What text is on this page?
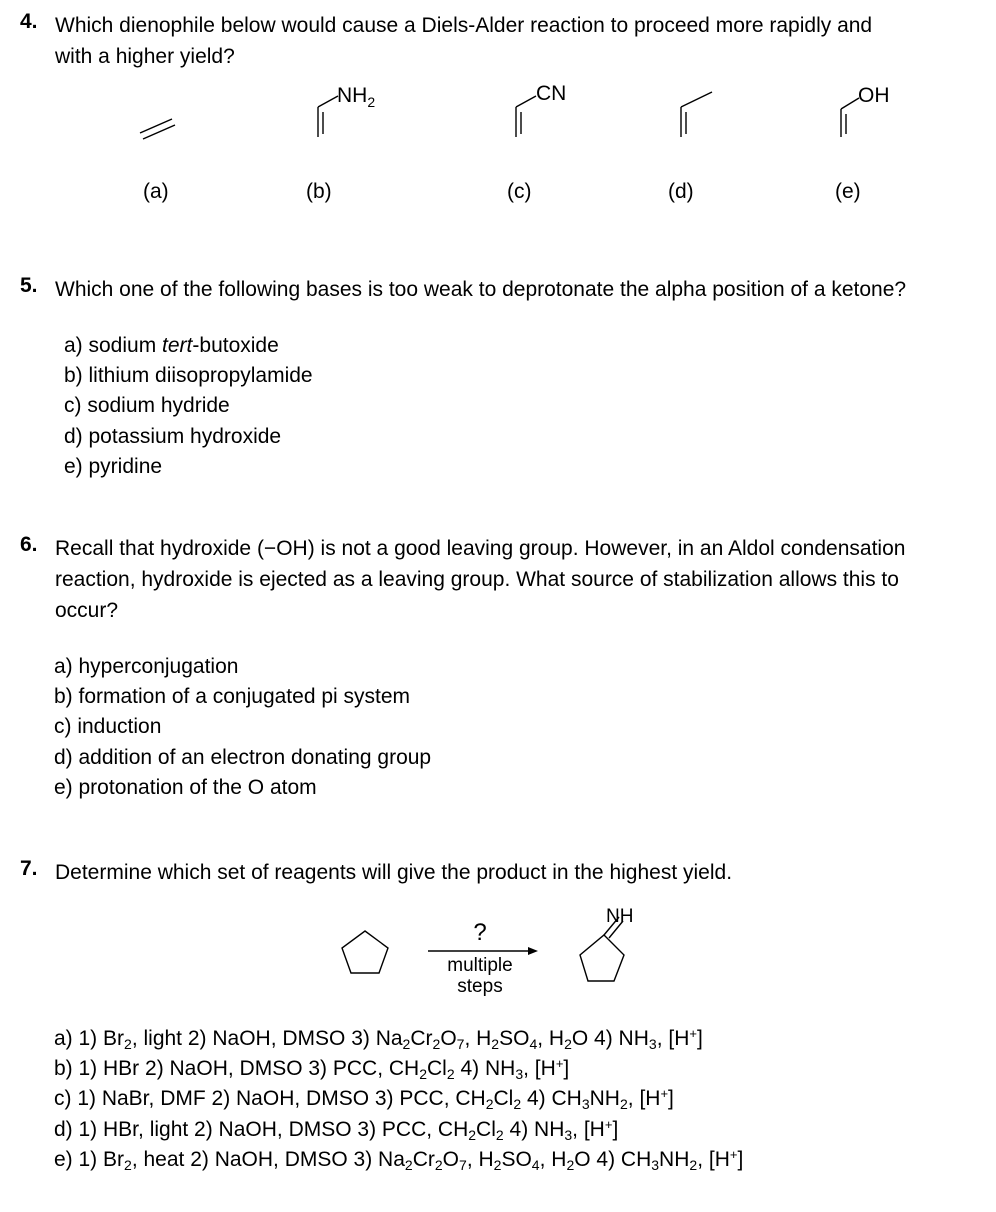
4. Which dienophile below would cause a Diels-Alder reaction to proceed more rapidly and
with a higher yield?
$NH_2$	CN	OH
(a)	(b)	(c)	(d)	(e)
5. Which one of the following bases is too weak to deprotonate the alpha position of a ketone?
a) sodium tert-butoxide
b) lithium diisopropylamide
c) sodium hydride
d) potassium hydroxide
e) pyridine
6. Recall that hydroxide (−OH) is not a good leaving group. However, in an Aldol condensation
reaction, hydroxide is ejected as a leaving group. What source of stabilization allows this to
occur?
a) hyperconjugation
b) formation of a conjugated pi system
c) induction
d) addition of an electron donating group
e) protonation of the O atom
7. Determine which set of reagents will give the product in the highest yield.
?
multiple
steps
NH
a) 1) $Br_2$, light 2) NaOH, DMSO 3) $Na_2Cr_2O_7$, $H_2SO_4$, $H_2O$ 4) $NH_3$, [H+]
b) 1) HBr 2) NaOH, DMSO 3) PCC, $CH_2Cl_2$ 4) $NH_3$, [H+]
c) 1) NaBr, DMF 2) NaOH, DMSO 3) PCC, $CH_2Cl_2$ 4) $CH_3NH_2$, [H+]
d) 1) HBr, light 2) NaOH, DMSO 3) PCC, $CH_2Cl_2$ 4) $NH_3$, [H+]
e) 1) $Br_2$, heat 2) NaOH, DMSO 3) $Na_2Cr_2O_7$, $H_2SO_4$, $H_2O$ 4) $CH_3NH_2$, [H+]
